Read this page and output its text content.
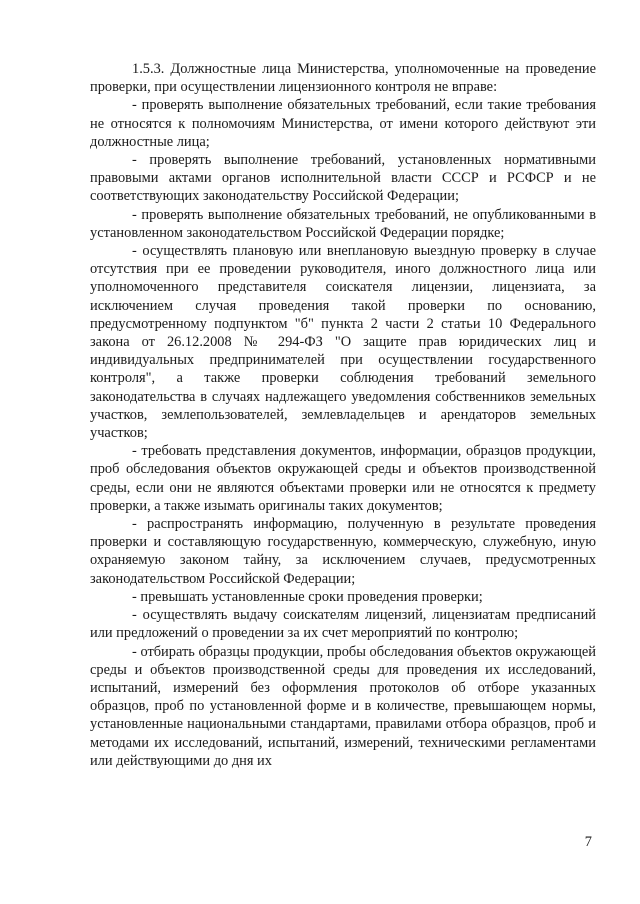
1.5.3. Должностные лица Министерства, уполномоченные на проведение проверки, при осуществлении лицензионного контроля не вправе:

- проверять выполнение обязательных требований, если такие требования не относятся к полномочиям Министерства, от имени которого действуют эти должностные лица;

- проверять выполнение требований, установленных нормативными правовыми актами органов исполнительной власти СССР и РСФСР и не соответствующих законодательству Российской Федерации;

- проверять выполнение обязательных требований, не опубликованными в установленном законодательством Российской Федерации порядке;

- осуществлять плановую или внеплановую выездную проверку в случае отсутствия при ее проведении руководителя, иного должностного лица или уполномоченного представителя соискателя лицензии, лицензиата, за исключением случая проведения такой проверки по основанию, предусмотренному подпунктом "б" пункта 2 части 2 статьи 10 Федерального закона от 26.12.2008 № 294-ФЗ "О защите прав юридических лиц и индивидуальных предпринимателей при осуществлении государственного контроля", а также проверки соблюдения требований земельного законодательства в случаях надлежащего уведомления собственников земельных участков, землепользователей, землевладельцев и арендаторов земельных участков;

- требовать представления документов, информации, образцов продукции, проб обследования объектов окружающей среды и объектов производственной среды, если они не являются объектами проверки или не относятся к предмету проверки, а также изымать оригиналы таких документов;

- распространять информацию, полученную в результате проведения проверки и составляющую государственную, коммерческую, служебную, иную охраняемую законом тайну, за исключением случаев, предусмотренных законодательством Российской Федерации;

- превышать установленные сроки проведения проверки;

- осуществлять выдачу соискателям лицензий, лицензиатам предписаний или предложений о проведении за их счет мероприятий по контролю;

- отбирать образцы продукции, пробы обследования объектов окружающей среды и объектов производственной среды для проведения их исследований, испытаний, измерений без оформления протоколов об отборе указанных образцов, проб по установленной форме и в количестве, превышающем нормы, установленные национальными стандартами, правилами отбора образцов, проб и методами их исследований, испытаний, измерений, техническими регламентами или действующими до дня их

7
